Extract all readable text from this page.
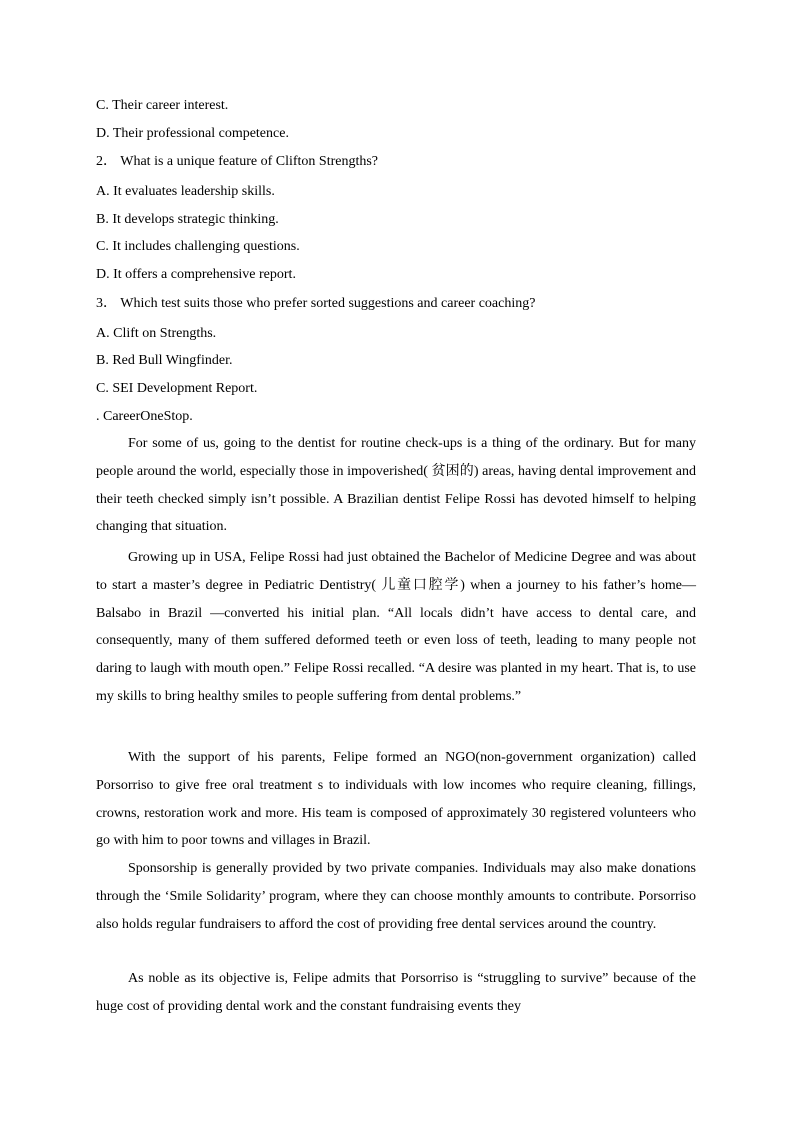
C. Their career interest.
D. Their professional competence.
2． What is a unique feature of Clifton Strengths?
A. It evaluates leadership skills.
B. It develops strategic thinking.
C. It includes challenging questions.
D. It offers a comprehensive report.
3． Which test suits those who prefer sorted suggestions and career coaching?
A. Clift on Strengths.
B. Red Bull Wingfinder.
C. SEI Development Report.
. CareerOneStop.
For some of us, going to the dentist for routine check-ups is a thing of the ordinary. But for many people around the world, especially those in impoverished( 贫困的) areas, having dental improvement and their teeth checked simply isn’t possible. A Brazilian dentist Felipe Rossi has devoted himself to helping changing that situation.
Growing up in USA, Felipe Rossi had just obtained the Bachelor of Medicine Degree and was about to start a master’s degree in Pediatric Dentistry( 儿童口腔学) when a journey to his father’s home—Balsabo in Brazil —converted his initial plan. “All locals didn’t have access to dental care, and consequently, many of them suffered deformed teeth or even loss of teeth, leading to many people not daring to laugh with mouth open.” Felipe Rossi recalled. “A desire was planted in my heart. That is, to use my skills to bring healthy smiles to people suffering from dental problems.”
With the support of his parents, Felipe formed an NGO(non-government organization) called Porsorriso to give free oral treatment s to individuals with low incomes who require cleaning, fillings, crowns, restoration work and more. His team is composed of approximately 30 registered volunteers who go with him to poor towns and villages in Brazil.
Sponsorship is generally provided by two private companies. Individuals may also make donations through the ‘Smile Solidarity’ program, where they can choose monthly amounts to contribute. Porsorriso also holds regular fundraisers to afford the cost of providing free dental services around the country.
As noble as its objective is, Felipe admits that Porsorriso is “struggling to survive” because of the huge cost of providing dental work and the constant fundraising events they
